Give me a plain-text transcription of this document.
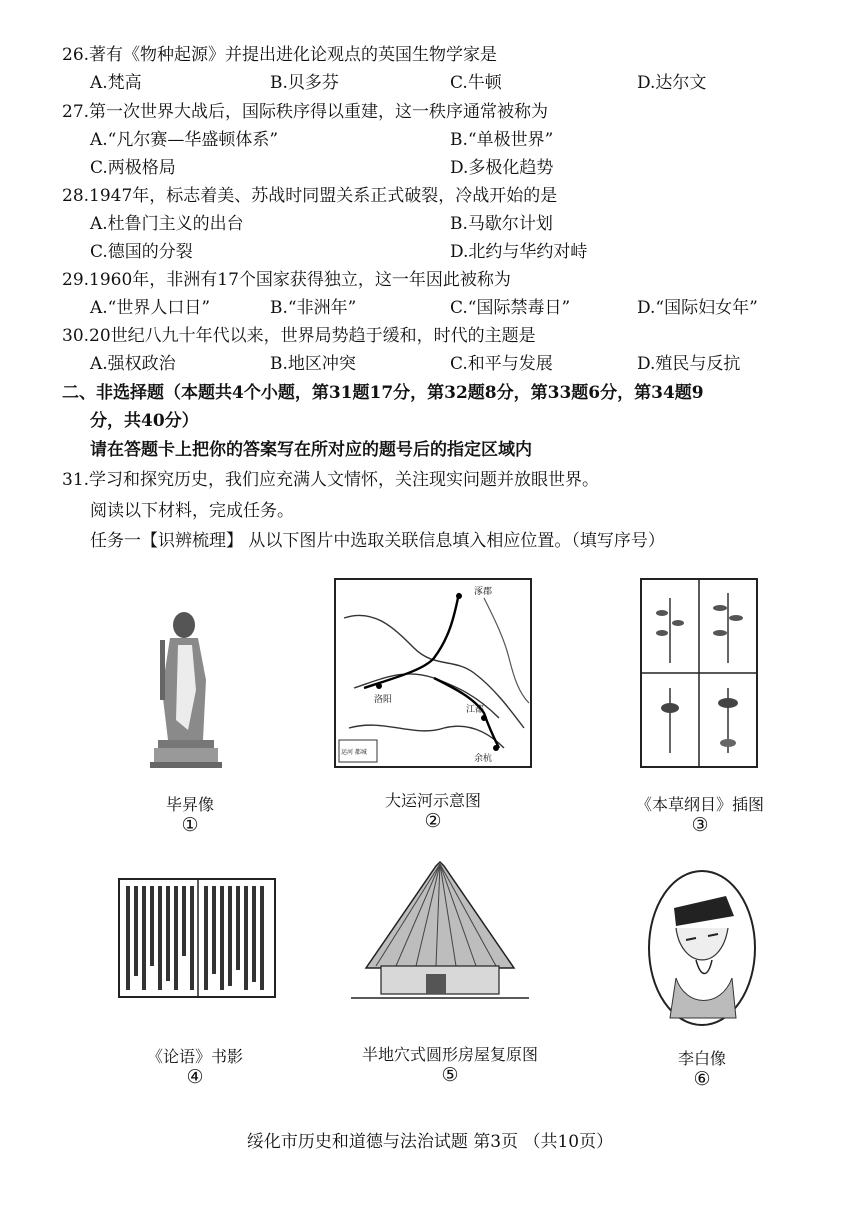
26.著有《物种起源》并提出进化论观点的英国生物学家是
A.梵高	B.贝多芬	C.牛顿	D.达尔文
27.第一次世界大战后，国际秩序得以重建，这一秩序通常被称为
A.“凡尔赛—华盛顿体系”	B.“单极世界”
C.两极格局	D.多极化趋势
28.1947年，标志着美、苏战时同盟关系正式破裂，冷战开始的是
A.杜鲁门主义的出台	B.马歇尔计划
C.德国的分裂	D.北约与华约对峙
29.1960年，非洲有17个国家获得独立，这一年因此被称为
A.“世界人口日”	B.“非洲年”	C.“国际禁毒日”	D.“国际妇女年”
30.20世纪八九十年代以来，世界局势趋于缓和，时代的主题是
A.强权政治	B.地区冲突	C.和平与发展	D.殖民与反抗
二、非选择题（本题共4个小题，第31题17分，第32题8分，第33题6分，第34题9
分，共40分）
请在答题卡上把你的答案写在所对应的题号后的指定区域内
31.学习和探究历史，我们应充满人文情怀，关注现实问题并放眼世界。
阅读以下材料，完成任务。
任务一【识辨梳理】 从以下图片中选取关联信息填入相应位置。（填写序号）
毕昇像
①
涿郡
洛阳
江都
余杭
运河 都城
大运河示意图
②
《本草纲目》插图
③
《论语》书影
④
半地穴式圆形房屋复原图
⑤
李白像
⑥
绥化市历史和道德与法治试题 第3页 （共10页）
